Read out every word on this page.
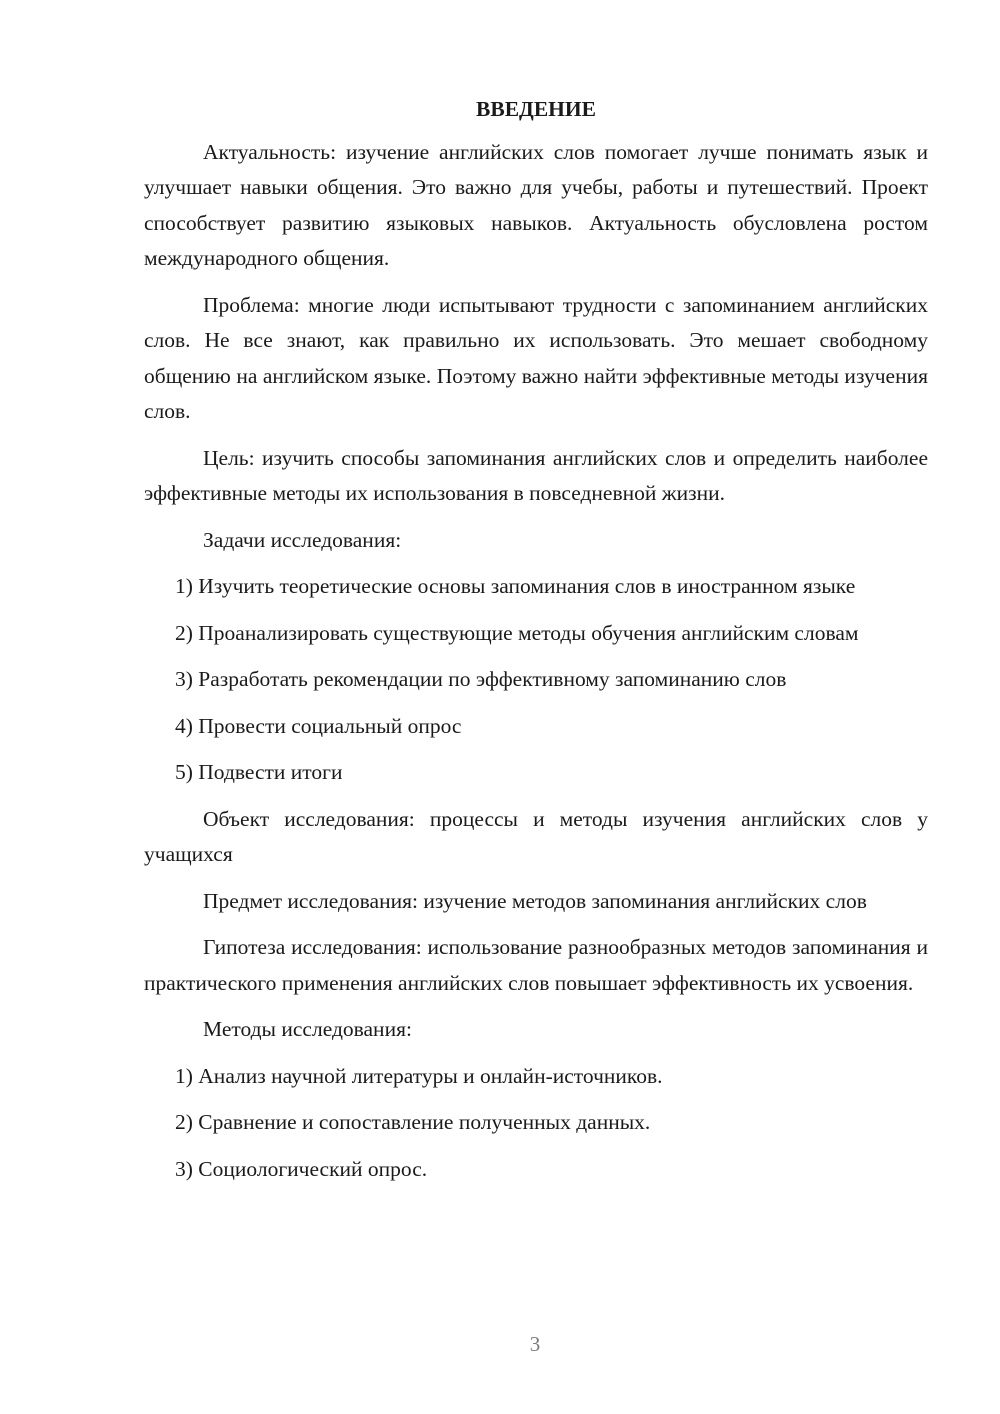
ВВЕДЕНИЕ

Актуальность: изучение английских слов помогает лучше понимать язык и улучшает навыки общения. Это важно для учебы, работы и путешествий. Проект способствует развитию языковых навыков. Актуальность обусловлена ростом международного общения.

Проблема: многие люди испытывают трудности с запоминанием английских слов. Не все знают, как правильно их использовать. Это мешает свободному общению на английском языке. Поэтому важно найти эффективные методы изучения слов.

Цель: изучить способы запоминания английских слов и определить наиболее эффективные методы их использования в повседневной жизни.

Задачи исследования:

1) Изучить теоретические основы запоминания слов в иностранном языке

2) Проанализировать существующие методы обучения английским словам

3) Разработать рекомендации по эффективному запоминанию слов

4) Провести социальный опрос

5) Подвести итоги

Объект исследования: процессы и методы изучения английских слов у учащихся

Предмет исследования: изучение методов запоминания английских слов

Гипотеза исследования: использование разнообразных методов запоминания и практического применения английских слов повышает эффективность их усвоения.

Методы исследования:

1) Анализ научной литературы и онлайн-источников.

2) Сравнение и сопоставление полученных данных.

3) Социологический опрос.

3
